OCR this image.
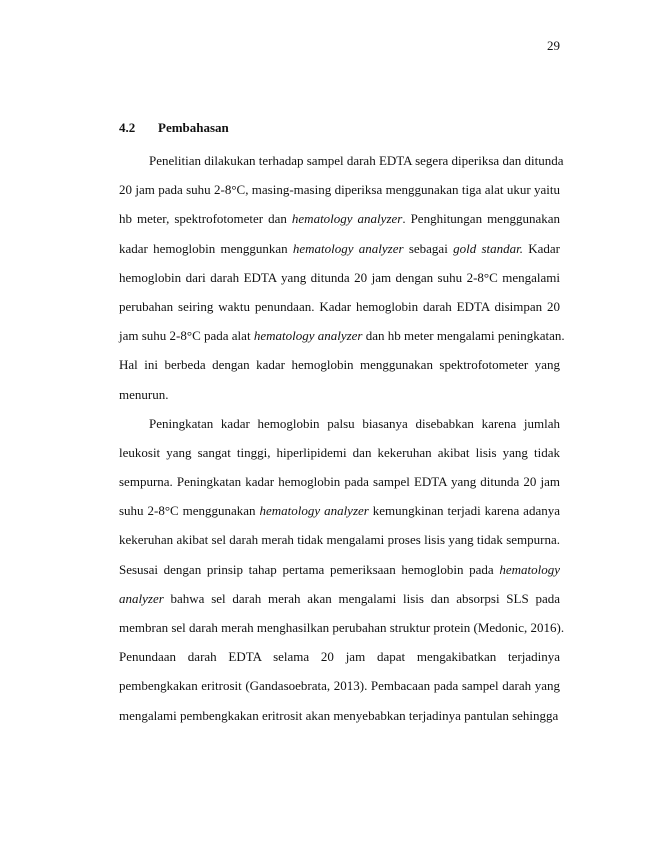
29
4.2	Pembahasan
Penelitian dilakukan terhadap sampel darah EDTA segera diperiksa dan ditunda
20 jam pada suhu 2-8°C, masing-masing diperiksa menggunakan tiga alat ukur yaitu
hb meter, spektrofotometer dan hematology analyzer. Penghitungan menggunakan
kadar hemoglobin menggunkan hematology analyzer sebagai gold standar. Kadar
hemoglobin dari darah EDTA yang ditunda 20 jam dengan suhu 2-8°C mengalami
perubahan seiring waktu penundaan. Kadar hemoglobin darah EDTA disimpan 20
jam suhu 2-8°C pada alat hematology analyzer dan hb meter mengalami peningkatan.
Hal ini berbeda dengan kadar hemoglobin menggunakan spektrofotometer yang
menurun.
Peningkatan kadar hemoglobin palsu biasanya disebabkan karena jumlah
leukosit yang sangat tinggi, hiperlipidemi dan kekeruhan akibat lisis yang tidak
sempurna. Peningkatan kadar hemoglobin pada sampel EDTA yang ditunda 20 jam
suhu 2-8°C menggunakan hematology analyzer kemungkinan terjadi karena adanya
kekeruhan akibat sel darah merah tidak mengalami proses lisis yang tidak sempurna.
Sesusai dengan prinsip tahap pertama pemeriksaan hemoglobin pada hematology
analyzer bahwa sel darah merah akan mengalami lisis dan absorpsi SLS pada
membran sel darah merah menghasilkan perubahan struktur protein (Medonic, 2016).
Penundaan darah EDTA selama 20 jam dapat mengakibatkan terjadinya
pembengkakan eritrosit (Gandasoebrata, 2013). Pembacaan pada sampel darah yang
mengalami pembengkakan eritrosit akan menyebabkan terjadinya pantulan sehingga
